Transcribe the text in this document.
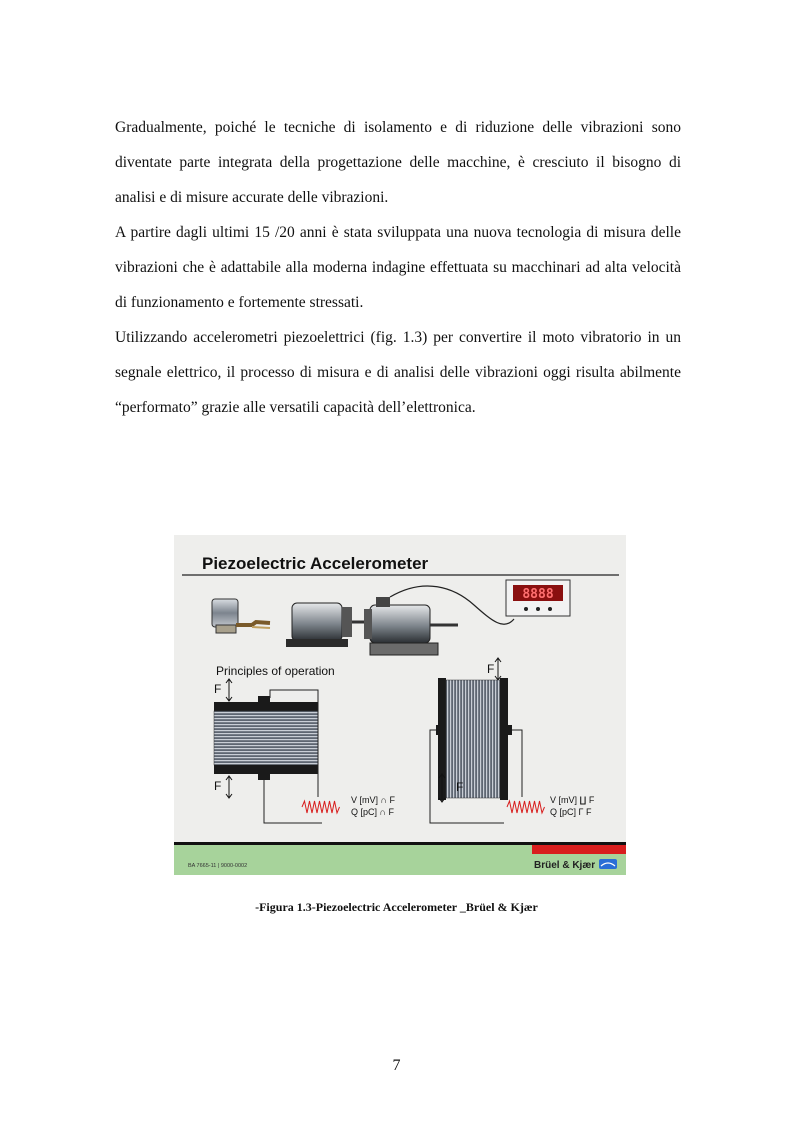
Gradualmente, poiché le tecniche di isolamento e di riduzione delle vibrazioni sono diventate parte integrata della progettazione delle macchine, è cresciuto il bisogno di analisi e di misure accurate delle vibrazioni.

A partire dagli ultimi 15 /20 anni è stata sviluppata una nuova tecnologia di misura delle vibrazioni che è adattabile alla moderna indagine effettuata su macchinari ad alta velocità di funzionamento e fortemente stressati.

Utilizzando accelerometri piezoelettrici (fig. 1.3) per convertire il moto vibratorio in un segnale elettrico, il processo di misura e di analisi delle vibrazioni oggi risulta abilmente “performato” grazie alle versatili capacità dell’elettronica.

Piezoelectric Accelerometer
8888
Principles of operation
F
F
V [mV] ∩ F
Q [pC] ∩ F
F
F
V [mV] ∐ F
Q [pC] Γ F
BA 7665-11 | 9000-0002	Brüel & Kjær
-Figura 1.3-Piezoelectric Accelerometer _Brüel & Kjær
7
